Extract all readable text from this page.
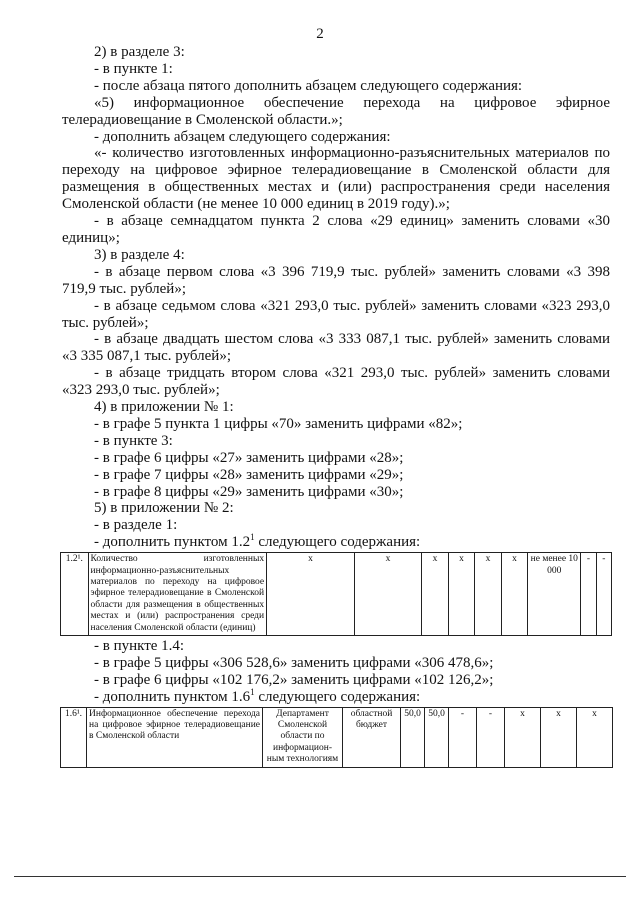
2

2) в разделе 3:

- в пункте 1:

- после абзаца пятого дополнить абзацем следующего содержания:

«5) информационное обеспечение перехода на цифровое эфирное телерадиовещание в Смоленской области.»;

- дополнить абзацем следующего содержания:

«- количество изготовленных информационно-разъяснительных материалов по переходу на цифровое эфирное телерадиовещание в Смоленской области для размещения в общественных местах и (или) распространения среди населения Смоленской области (не менее 10 000 единиц в 2019 году).»;

- в абзаце семнадцатом пункта 2 слова «29 единиц» заменить словами «30 единиц»;

3) в разделе 4:

- в абзаце первом слова «3 396 719,9 тыс. рублей» заменить словами «3 398 719,9 тыс. рублей»;

- в абзаце седьмом слова «321 293,0 тыс. рублей» заменить словами «323 293,0 тыс. рублей»;

- в абзаце двадцать шестом слова «3 333 087,1 тыс. рублей» заменить словами «3 335 087,1 тыс. рублей»;

- в абзаце тридцать втором слова «321 293,0 тыс. рублей» заменить словами «323 293,0 тыс. рублей»;

4) в приложении № 1:

- в графе 5 пункта 1 цифры «70» заменить цифрами «82»;

- в пункте 3:

- в графе 6 цифры «27» заменить цифрами «28»;

- в графе 7 цифры «28» заменить цифрами «29»;

- в графе 8 цифры «29» заменить цифрами «30»;

5) в приложении № 2:

- в разделе 1:

- дополнить пунктом $1.2^1$ следующего содержания:

1.2¹.	Количество изготовленных информационно-разъяснительных материалов по переходу на цифровое эфирное телерадиовещание в Смоленской области для размещения в общественных местах и (или) распространения среди населения Смоленской области (единиц)	х	х	х	х	х	х	не менее 10 000	-	-

- в пункте 1.4:

- в графе 5 цифры «306 528,6» заменить цифрами «306 478,6»;

- в графе 6 цифры «102 176,2» заменить цифрами «102 126,2»;

- дополнить пунктом $1.6^1$ следующего содержания:

1.6¹.	Информационное обеспечение перехода на цифровое эфирное телерадиовещание в Смоленской области	Департамент Смоленской области по информацион-ным технологиям	областной бюджет	50,0	50,0	-	-	х	х	х
